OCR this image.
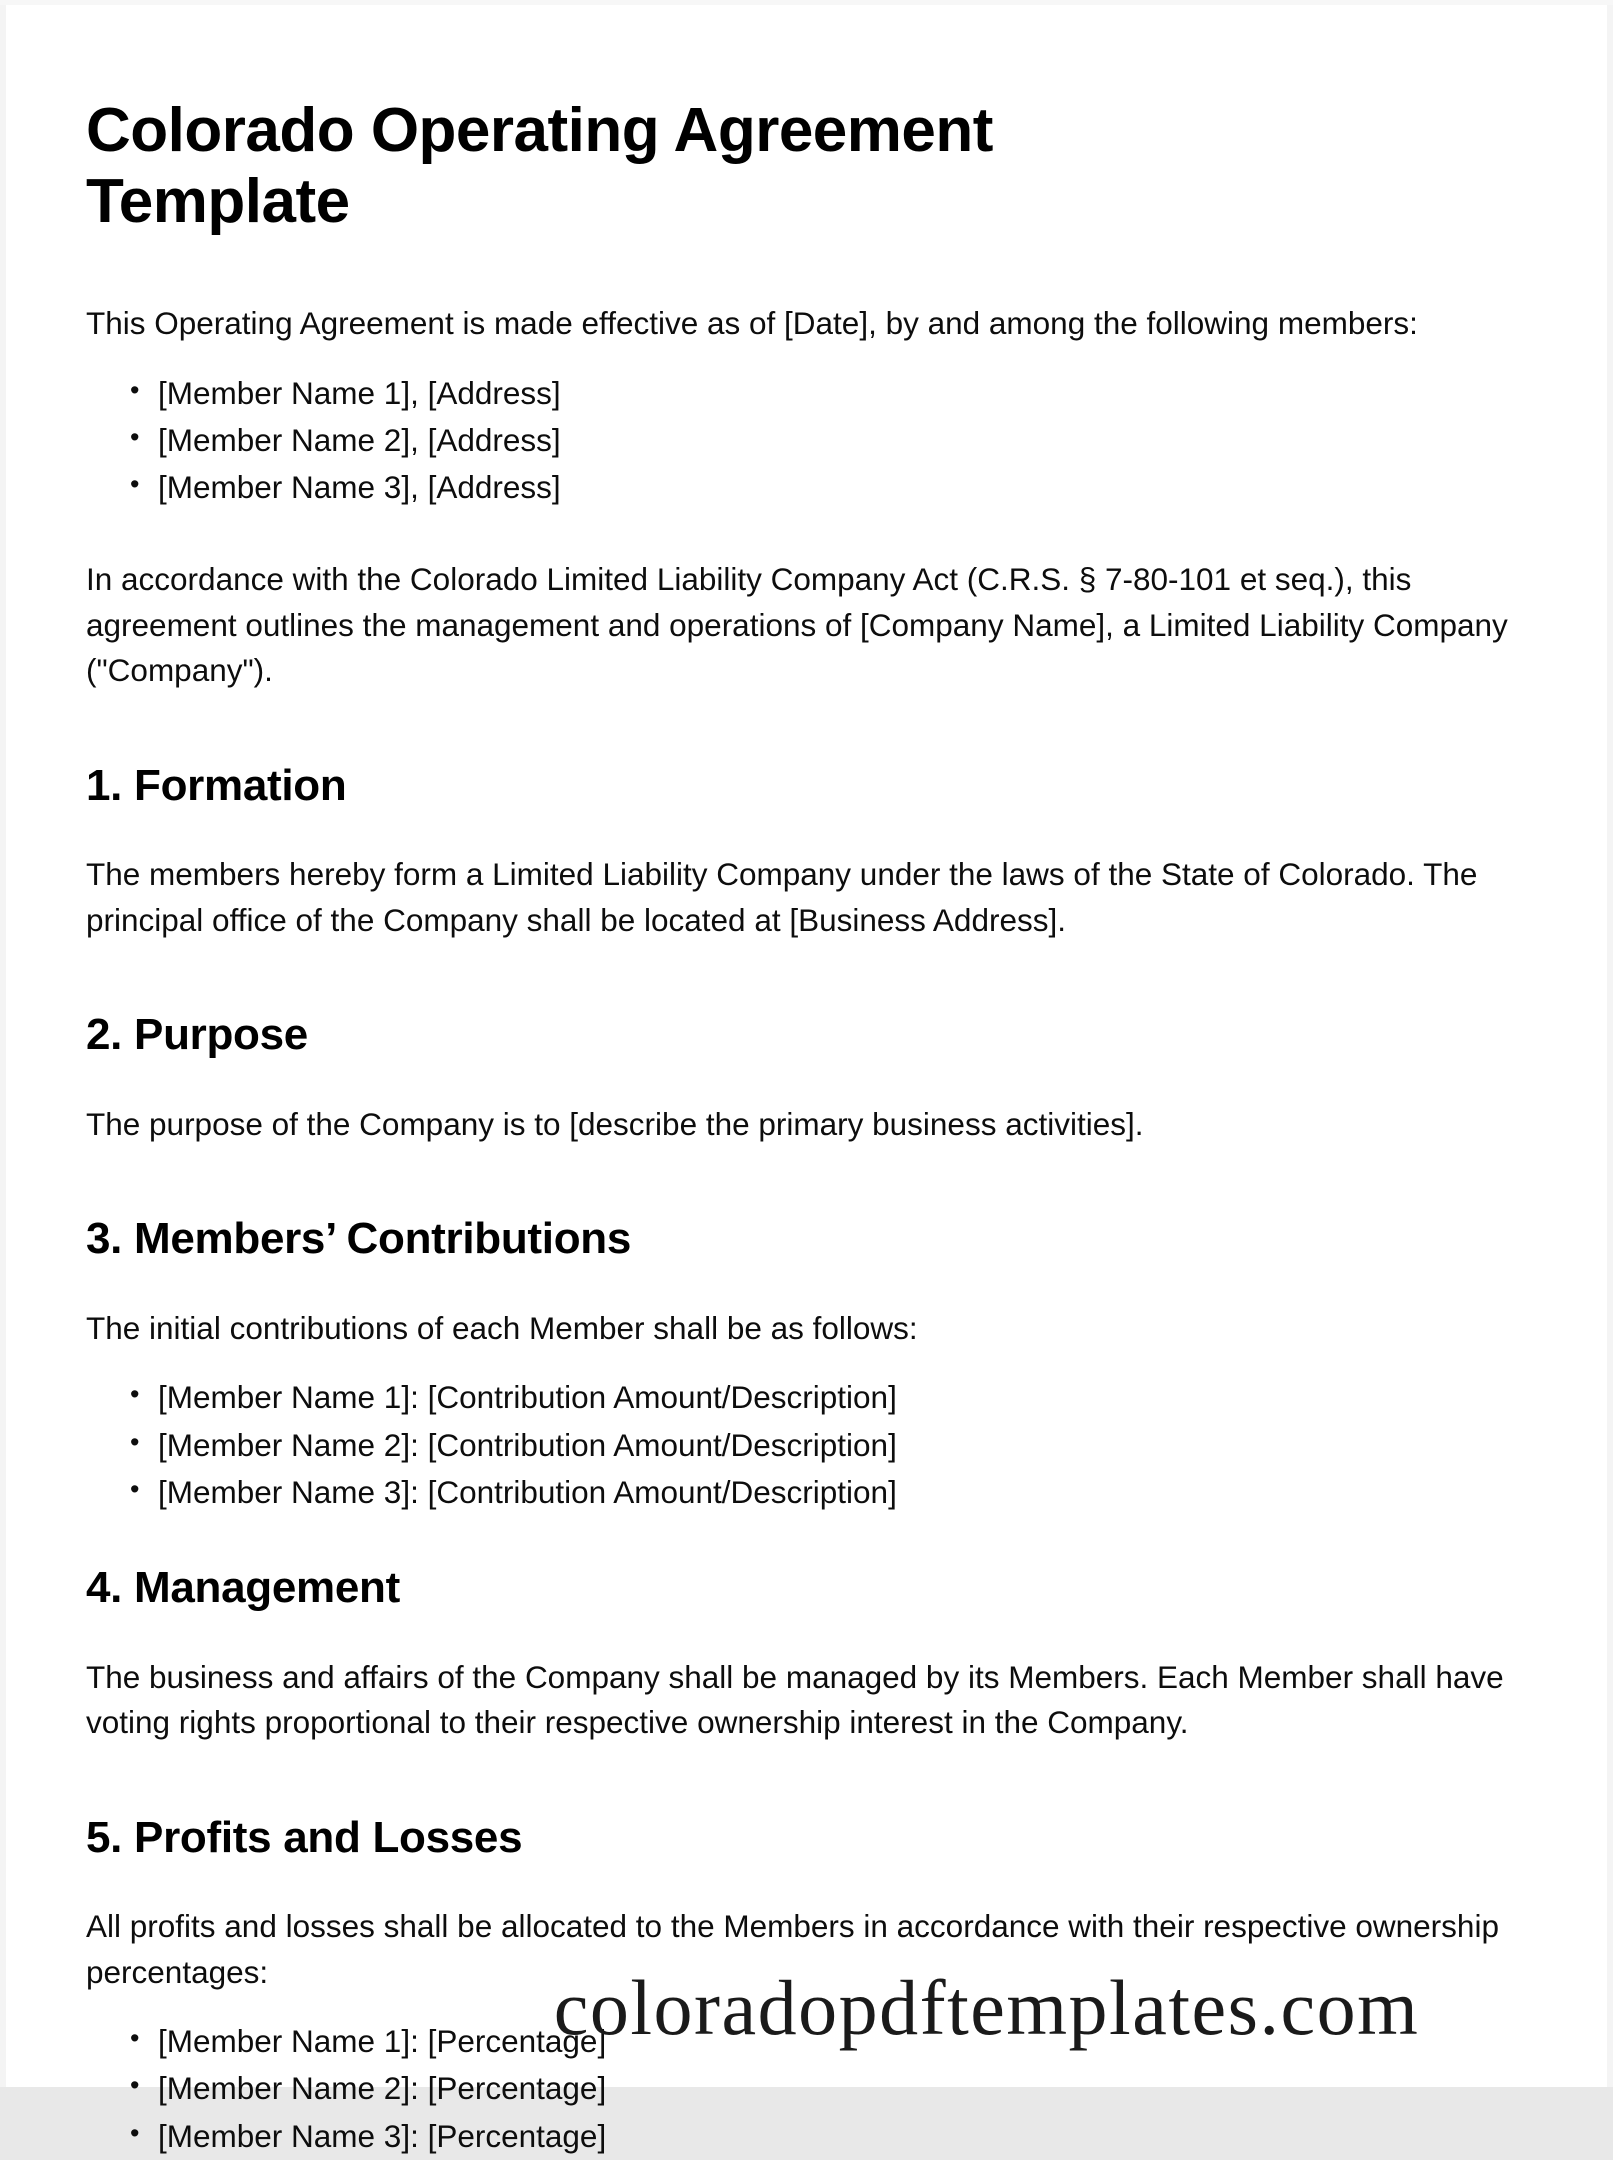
Colorado Operating Agreement Template

This Operating Agreement is made effective as of [Date], by and among the following members:

• [Member Name 1], [Address]
• [Member Name 2], [Address]
• [Member Name 3], [Address]

In accordance with the Colorado Limited Liability Company Act (C.R.S. § 7-80-101 et seq.), this agreement outlines the management and operations of [Company Name], a Limited Liability Company ("Company").

1. Formation

The members hereby form a Limited Liability Company under the laws of the State of Colorado. The principal office of the Company shall be located at [Business Address].

2. Purpose

The purpose of the Company is to [describe the primary business activities].

3. Members’ Contributions

The initial contributions of each Member shall be as follows:

• [Member Name 1]: [Contribution Amount/Description]
• [Member Name 2]: [Contribution Amount/Description]
• [Member Name 3]: [Contribution Amount/Description]
4. Management

The business and affairs of the Company shall be managed by its Members. Each Member shall have voting rights proportional to their respective ownership interest in the Company.

5. Profits and Losses

All profits and losses shall be allocated to the Members in accordance with their respective ownership percentages:

• [Member Name 1]: [Percentage]
• [Member Name 2]: [Percentage]
• [Member Name 3]: [Percentage]
coloradopdftemplates.com
